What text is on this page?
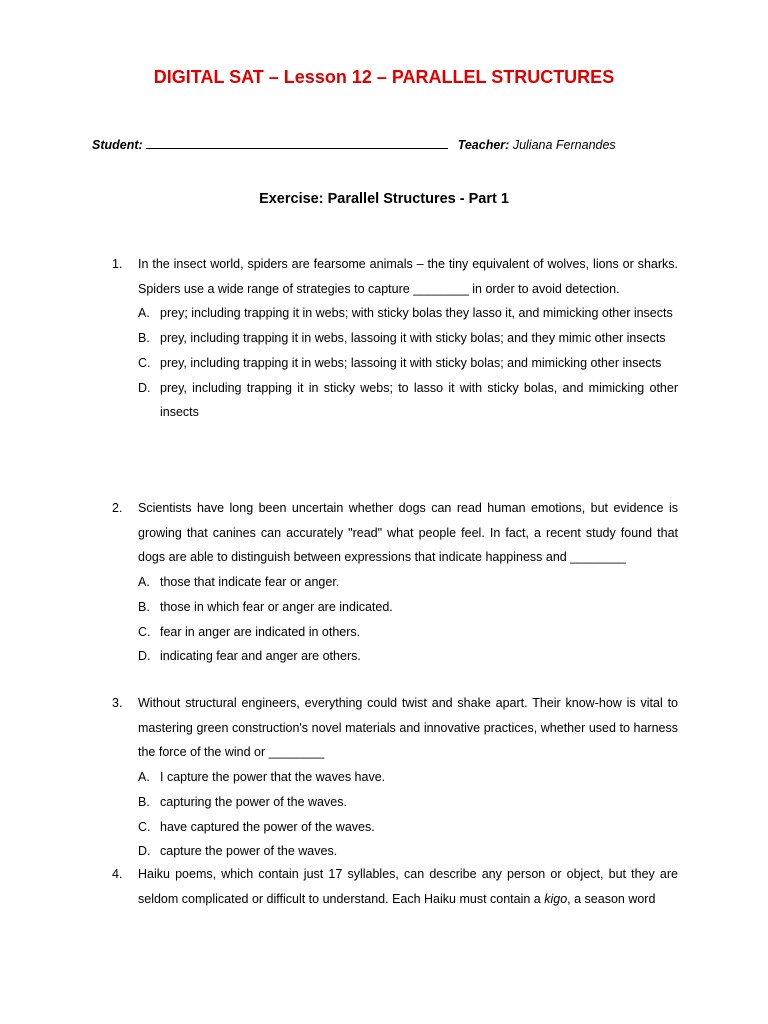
DIGITAL SAT – Lesson 12 – PARALLEL STRUCTURES
Student:	Teacher: Juliana Fernandes
Exercise: Parallel Structures - Part 1
1. In the insect world, spiders are fearsome animals – the tiny equivalent of wolves, lions or sharks. Spiders use a wide range of strategies to capture ________ in order to avoid detection.
A. prey; including trapping it in webs; with sticky bolas they lasso it, and mimicking other insects
B. prey, including trapping it in webs, lassoing it with sticky bolas; and they mimic other insects
C. prey, including trapping it in webs; lassoing it with sticky bolas; and mimicking other insects
D. prey, including trapping it in sticky webs; to lasso it with sticky bolas, and mimicking other insects
2. Scientists have long been uncertain whether dogs can read human emotions, but evidence is growing that canines can accurately "read" what people feel. In fact, a recent study found that dogs are able to distinguish between expressions that indicate happiness and ________
A. those that indicate fear or anger.
B. those in which fear or anger are indicated.
C. fear in anger are indicated in others.
D. indicating fear and anger are others.
3. Without structural engineers, everything could twist and shake apart. Their know-how is vital to mastering green construction's novel materials and innovative practices, whether used to harness the force of the wind or ________
A. I capture the power that the waves have.
B. capturing the power of the waves.
C. have captured the power of the waves.
D. capture the power of the waves.
4. Haiku poems, which contain just 17 syllables, can describe any person or object, but they are seldom complicated or difficult to understand. Each Haiku must contain a kigo, a season word
